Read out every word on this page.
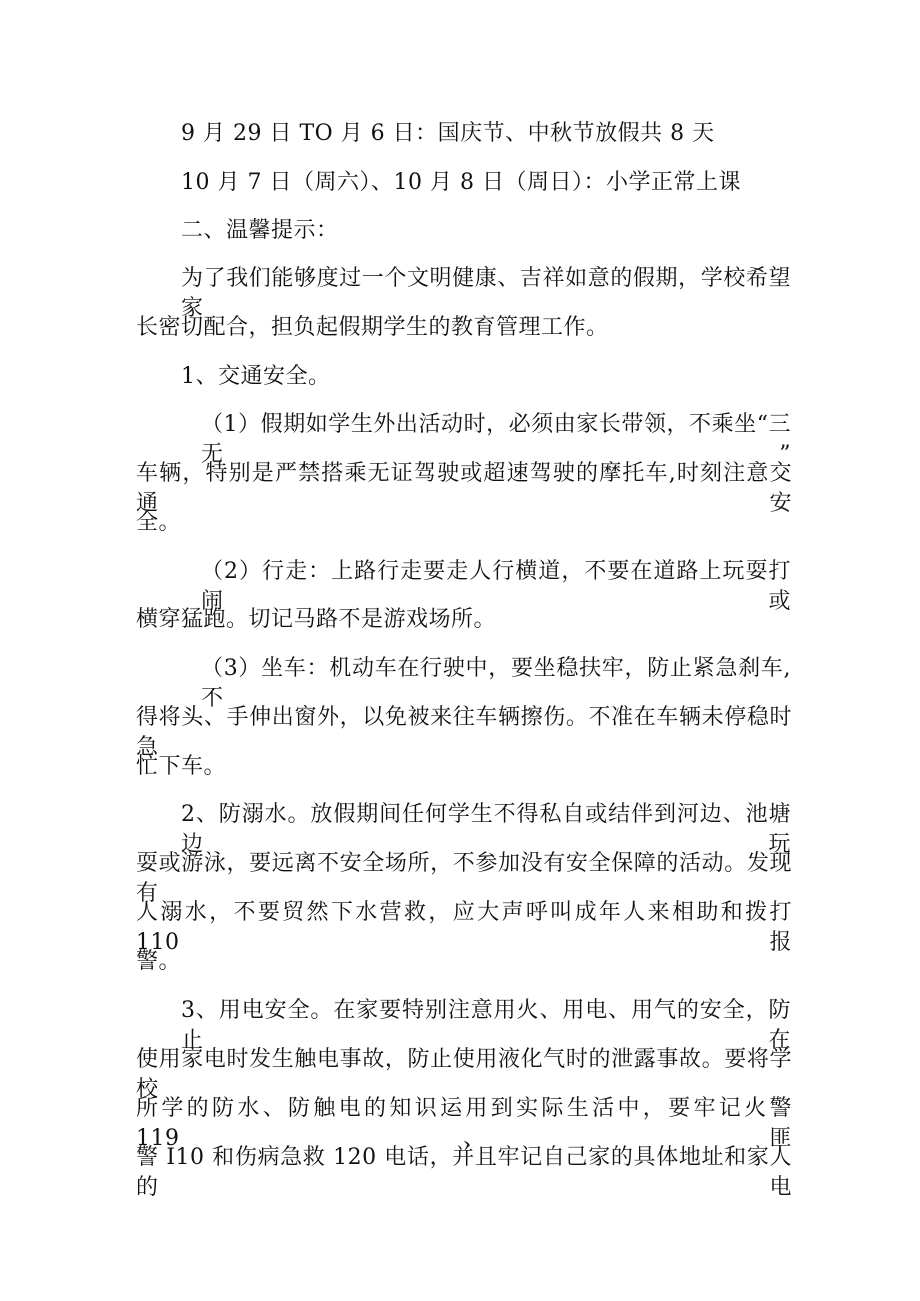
9 月 29 日 TO 月 6 日：国庆节、中秋节放假共 8 天
10 月 7 日（周六）、10 月 8 日（周日）：小学正常上课
二、温馨提示：
为了我们能够度过一个文明健康、吉祥如意的假期，学校希望家
长密切配合，担负起假期学生的教育管理工作。
1、交通安全。
（1）假期如学生外出活动时，必须由家长带领，不乘坐“三无”
车辆，特别是严禁搭乘无证驾驶或超速驾驶的摩托车,时刻注意交通安
全。
（2）行走：上路行走要走人行横道，不要在道路上玩耍打闹或
横穿猛跑。切记马路不是游戏场所。
（3）坐车：机动车在行驶中，要坐稳扶牢，防止紧急刹车,不
得将头、手伸出窗外，以免被来往车辆擦伤。不准在车辆未停稳时急
忙下车。
2、防溺水。放假期间任何学生不得私自或结伴到河边、池塘边玩
耍或游泳，要远离不安全场所，不参加没有安全保障的活动。发现有
人溺水，不要贸然下水营救，应大声呼叫成年人来相助和拨打 110 报
警。
3、用电安全。在家要特别注意用火、用电、用气的安全，防止在
使用家电时发生触电事故，防止使用液化气时的泄露事故。要将学校
所学的防水、防触电的知识运用到实际生活中，要牢记火警 119、匪
警 I10 和伤病急救 120 电话，并且牢记自己家的具体地址和家人的电
